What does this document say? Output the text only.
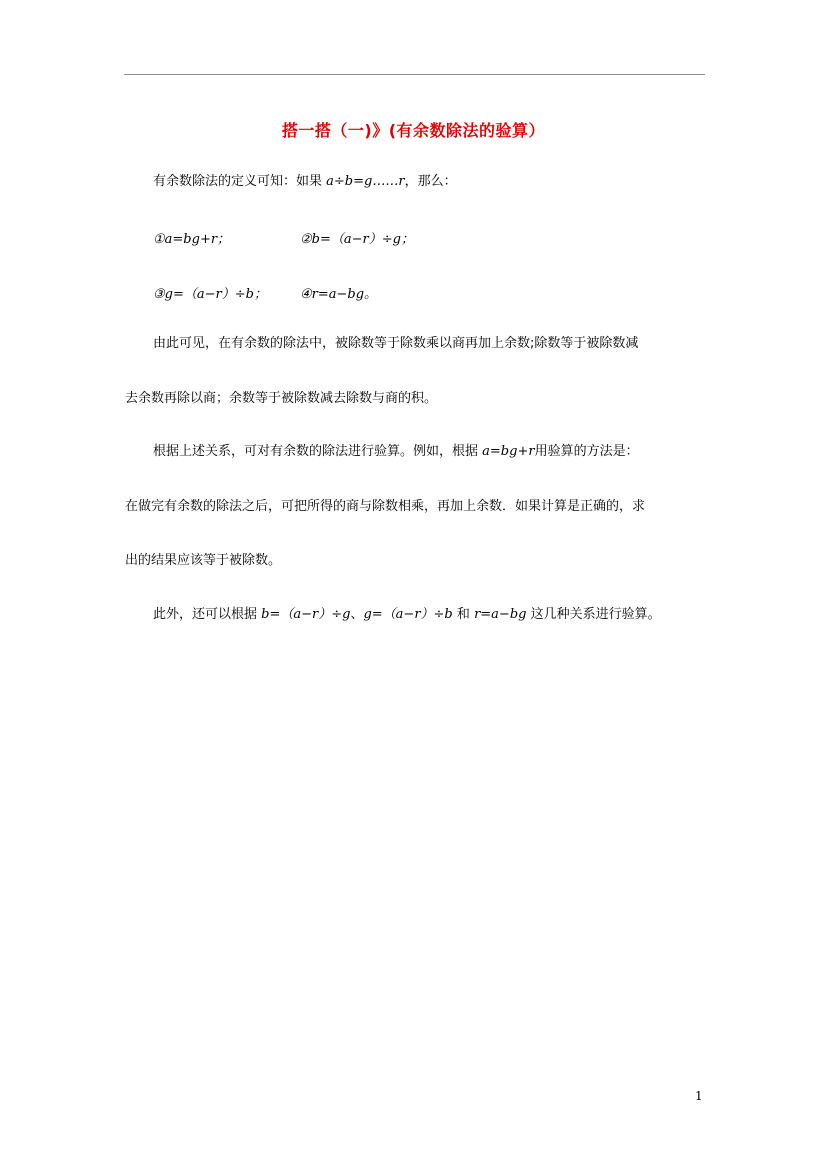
搭一搭（一)》(有余数除法的验算）
有余数除法的定义可知：如果 a÷b=g……r，那么：
①a=bg+r；	②b=（a−r）÷g；
③g=（a−r）÷b；	④r=a−bg。
由此可见，在有余数的除法中，被除数等于除数乘以商再加上余数;除数等于被除数减
去余数再除以商；余数等于被除数减去除数与商的积。
根据上述关系，可对有余数的除法进行验算。例如，根据 a=bg+r用验算的方法是：
在做完有余数的除法之后，可把所得的商与除数相乘，再加上余数．如果计算是正确的，求
出的结果应该等于被除数。
此外，还可以根据 b=（a−r）÷g、g=（a−r）÷b 和 r=a−bg 这几种关系进行验算。
1
